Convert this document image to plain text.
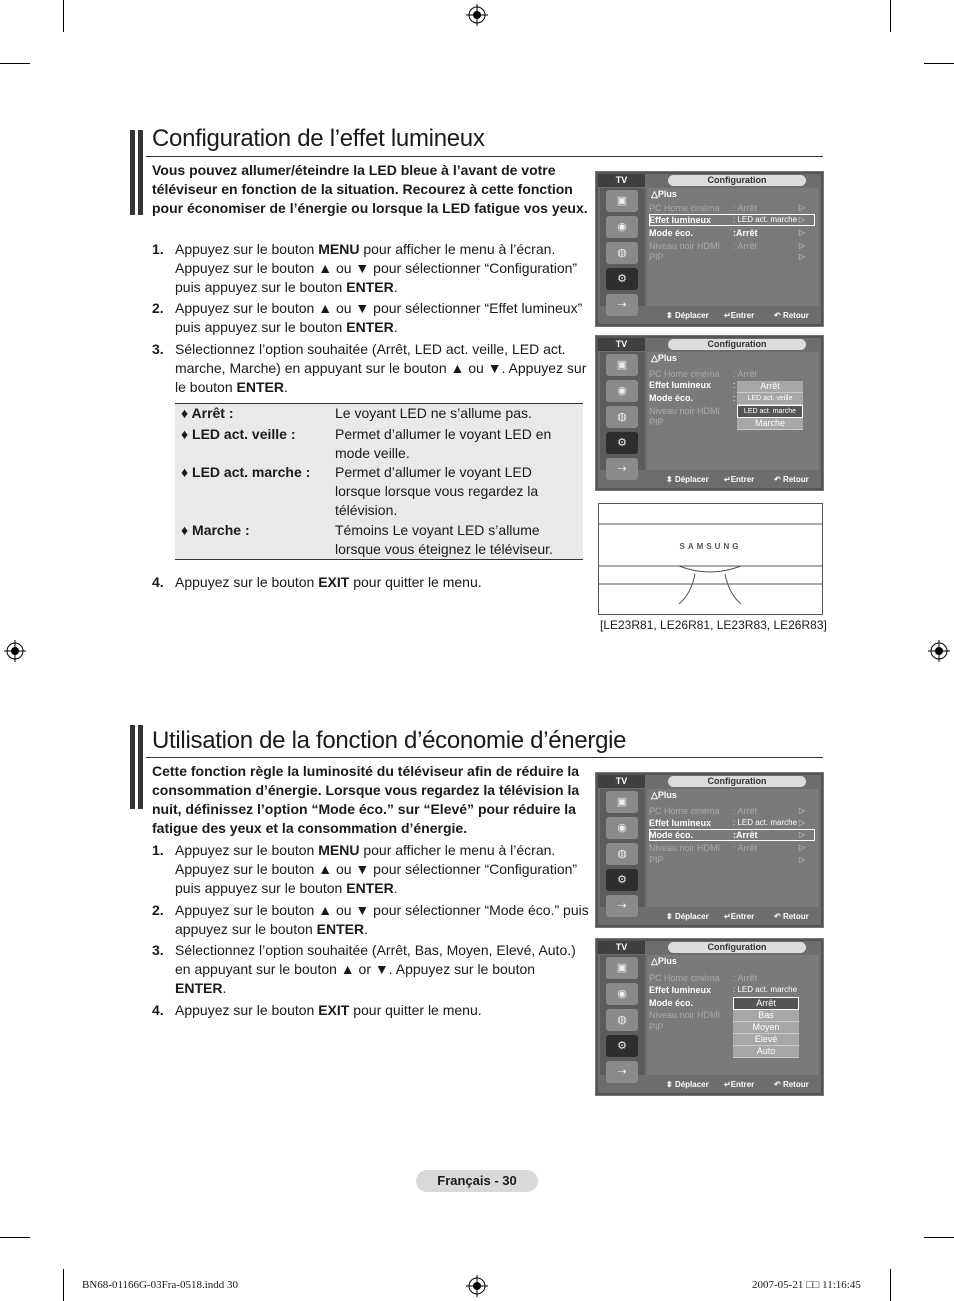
Configuration de l’effet lumineux
Vous pouvez allumer/éteindre la LED bleue à l’avant de votre téléviseur en fonction de la situation. Recourez à cette fonction pour économiser de l’énergie ou lorsque la LED fatigue vos yeux.
1. Appuyez sur le bouton MENU pour afficher le menu à l’écran. Appuyez sur le bouton ▲ ou ▼ pour sélectionner “Configuration” puis appuyez sur le bouton ENTER.
2. Appuyez sur le bouton ▲ ou ▼ pour sélectionner “Effet lumineux” puis appuyez sur le bouton ENTER.
3. Sélectionnez l’option souhaitée (Arrêt, LED act. veille, LED act. marche, Marche) en appuyant sur le bouton ▲ ou ▼. Appuyez sur le bouton ENTER.
♦ Arrêt :	Le voyant LED ne s’allume pas.
♦ LED act. veille :	Permet d’allumer le voyant LED en mode veille.
♦ LED act. marche : Permet d’allumer le voyant LED lorsque lorsque vous regardez la télévision.
♦ Marche :	Témoins Le voyant LED s’allume lorsque vous éteignez le téléviseur.
4. Appuyez sur le bouton EXIT pour quitter le menu.
TV	Configuration
▣
◉
◍
⚙
⇢
△Plus
PC Home cinéma : Arrêt	▷
Effet lumineux	: LED act. marche ▷
Mode éco.	:Arrêt	▷
Niveau noir HDMI : Arrêt	▷
PIP	▷
⬍ Déplacer ↵Entrer ↶ Retour
TV	Configuration
▣
◉
◍
⚙
⇢
△Plus
PC Home cinéma : Arrêt
Effet lumineux :
Mode éco.	:
Niveau noir HDMI
PIP
Arrêt
LED act. veille
LED act. marche
Marche
⬍ Déplacer ↵Entrer ↶ Retour
SAMSUNG
[LE23R81, LE26R81, LE23R83, LE26R83]
Utilisation de la fonction d’économie d’énergie
Cette fonction règle la luminosité du téléviseur afin de réduire la consommation d’énergie. Lorsque vous regardez la télévision la nuit, définissez l’option “Mode éco.” sur “Elevé” pour réduire la fatigue des yeux et la consommation d’énergie.
1. Appuyez sur le bouton MENU pour afficher le menu à l’écran. Appuyez sur le bouton ▲ ou ▼ pour sélectionner “Configuration” puis appuyez sur le bouton ENTER.
2. Appuyez sur le bouton ▲ ou ▼ pour sélectionner “Mode éco.” puis appuyez sur le bouton ENTER.
3. Sélectionnez l’option souhaitée (Arrêt, Bas, Moyen, Elevé, Auto.) en appuyant sur le bouton ▲ or ▼. Appuyez sur le bouton ENTER.
4. Appuyez sur le bouton EXIT pour quitter le menu.
TV	Configuration
▣
◉
◍
⚙
⇢
△Plus
PC Home cinéma : Arrêt	▷
Effet lumineux	: LED act. marche ▷
Mode éco.	:Arrêt	▷
Niveau noir HDMI : Arrêt	▷
PIP	▷
⬍ Déplacer ↵Entrer ↶ Retour
TV	Configuration
▣
◉
◍
⚙
⇢
△Plus
PC Home cinéma : Arrêt
Effet lumineux	: LED act. marche
Mode éco.
Niveau noir HDMI
PIP
Arrêt
Bas
Moyen
Elevé
Auto
⬍ Déplacer ↵Entrer ↶ Retour
Français - 30
BN68-01166G-03Fra-0518.indd 30	2007-05-21 □□ 11:16:45
